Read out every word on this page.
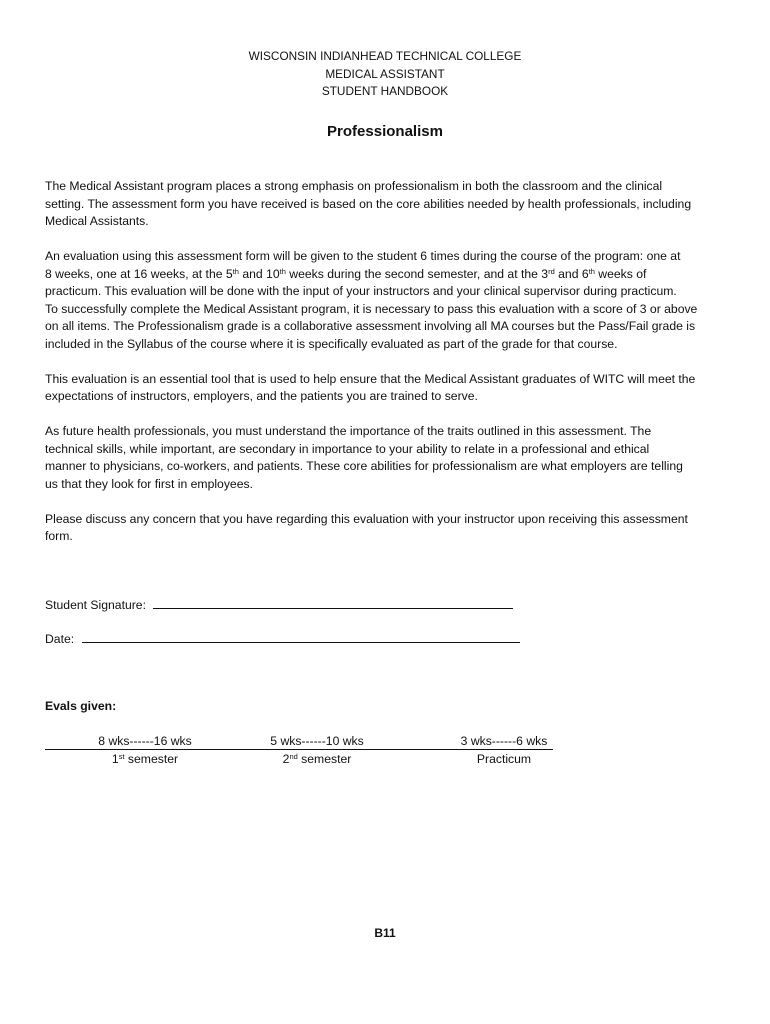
WISCONSIN INDIANHEAD TECHNICAL COLLEGE
MEDICAL ASSISTANT
STUDENT HANDBOOK
Professionalism

The Medical Assistant program places a strong emphasis on professionalism in both the classroom and the clinical
setting. The assessment form you have received is based on the core abilities needed by health professionals, including
Medical Assistants.

An evaluation using this assessment form will be given to the student 6 times during the course of the program: one at
8 weeks, one at 16 weeks, at the 5th and 10th weeks during the second semester, and at the 3rd and 6th weeks of
practicum. This evaluation will be done with the input of your instructors and your clinical supervisor during practicum.
To successfully complete the Medical Assistant program, it is necessary to pass this evaluation with a score of 3 or above
on all items. The Professionalism grade is a collaborative assessment involving all MA courses but the Pass/Fail grade is
included in the Syllabus of the course where it is specifically evaluated as part of the grade for that course.

This evaluation is an essential tool that is used to help ensure that the Medical Assistant graduates of WITC will meet the
expectations of instructors, employers, and the patients you are trained to serve.

As future health professionals, you must understand the importance of the traits outlined in this assessment. The
technical skills, while important, are secondary in importance to your ability to relate in a professional and ethical
manner to physicians, co-workers, and patients. These core abilities for professionalism are what employers are telling
us that they look for first in employees.

Please discuss any concern that you have regarding this evaluation with your instructor upon receiving this assessment
form.

Student Signature:
Date:
Evals given:
8 wks------16 wks	5 wks------10 wks	3 wks------6 wks
1st semester	2nd semester	Practicum
B11
